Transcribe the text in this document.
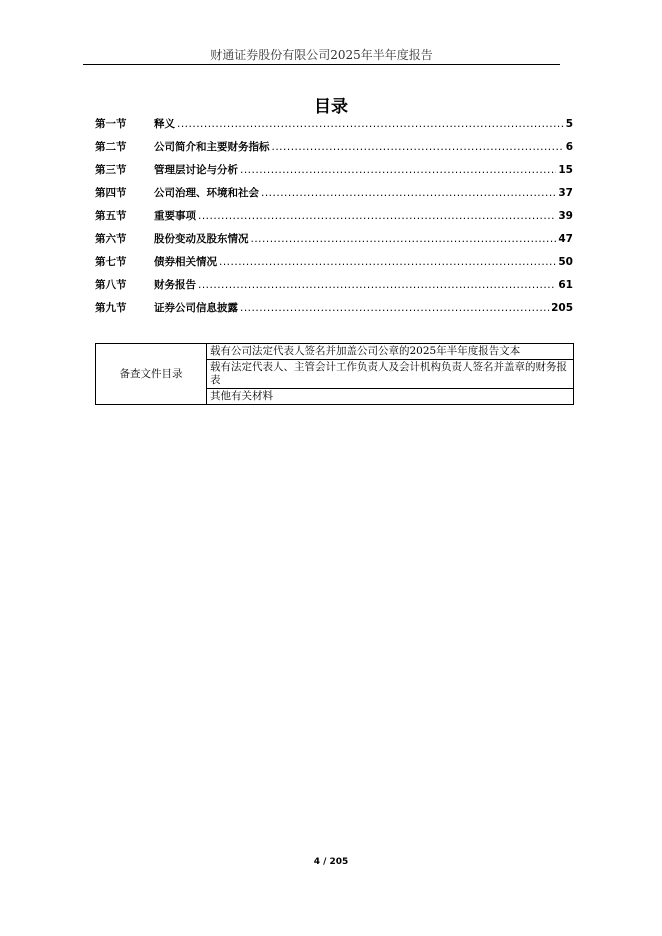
财通证券股份有限公司2025年半年度报告
目录
第一节	释义 .....	5
第二节	公司简介和主要财务指标 .....	6
第三节	管理层讨论与分析 .....	15
第四节	公司治理、环境和社会 .....	37
第五节	重要事项 .....	39
第六节	股份变动及股东情况 .....	47
第七节	债券相关情况 .....	50
第八节	财务报告 .....	61
第九节	证券公司信息披露 .....	205
备查文件目录	载有公司法定代表人签名并加盖公司公章的2025年半年度报告文本
载有法定代表人、主管会计工作负责人及会计机构负责人签名并盖章的财务报表
其他有关材料
4 / 205
